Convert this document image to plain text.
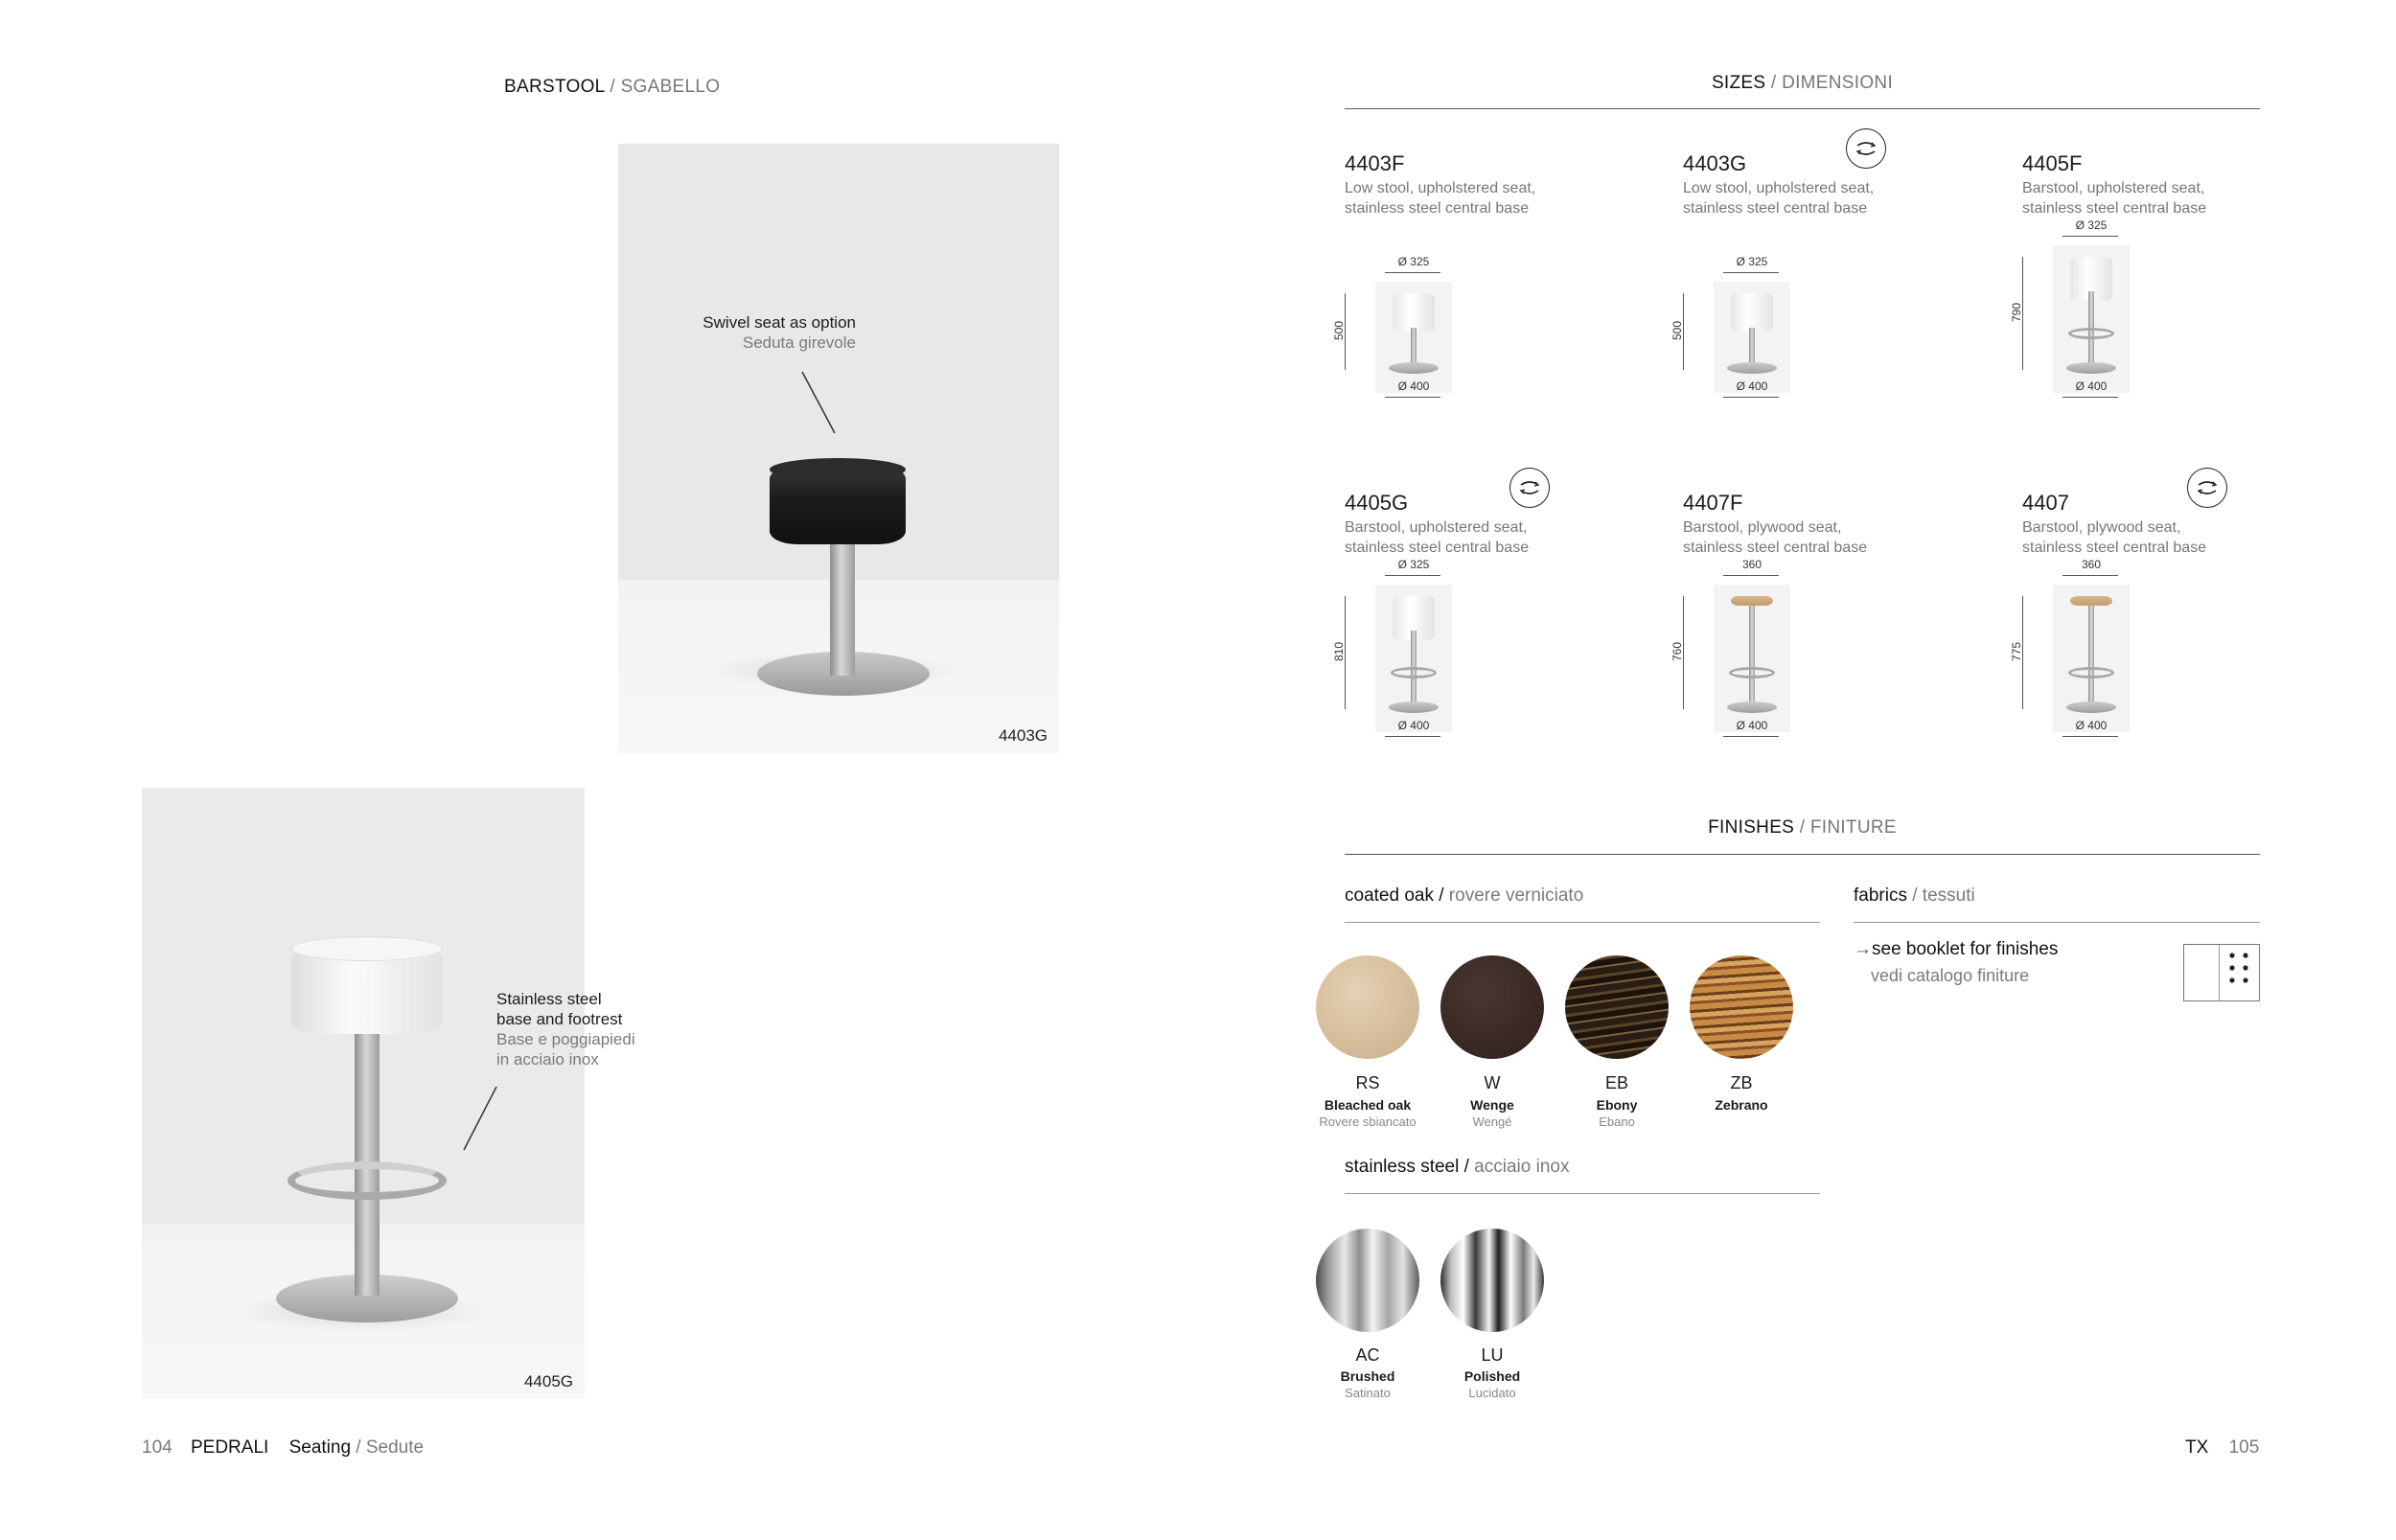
BARSTOOL / SGABELLO
Swivel seat as option
Seduta girevole
4403G
Stainless steel
base and footrest
Base e poggiapiedi
in acciaio inox
4405G
104 PEDRALI Seating / Sedute
SIZES / DIMENSIONI
4403F
Low stool, upholstered seat,
stainless steel central base
Ø 325
500
Ø 400
4403G
Low stool, upholstered seat,
stainless steel central base
Ø 325
500
Ø 400
4405F
Barstool, upholstered seat,
stainless steel central base
Ø 325
790
Ø 400
4405G
Barstool, upholstered seat,
stainless steel central base
Ø 325
810
Ø 400
4407F
Barstool, plywood seat,
stainless steel central base
360
760
Ø 400
4407
Barstool, plywood seat,
stainless steel central base
360
775
Ø 400
FINISHES / FINITURE
coated oak / rovere verniciato
RS
Bleached oak
Rovere sbiancato
W
Wenge
Wengé
EB
Ebony
Ebano
ZB
Zebrano
stainless steel / acciaio inox
AC
Brushed
Satinato
LU
Polished
Lucidato
fabrics / tessuti
→see booklet for finishes
vedi catalogo finiture
TX 105
